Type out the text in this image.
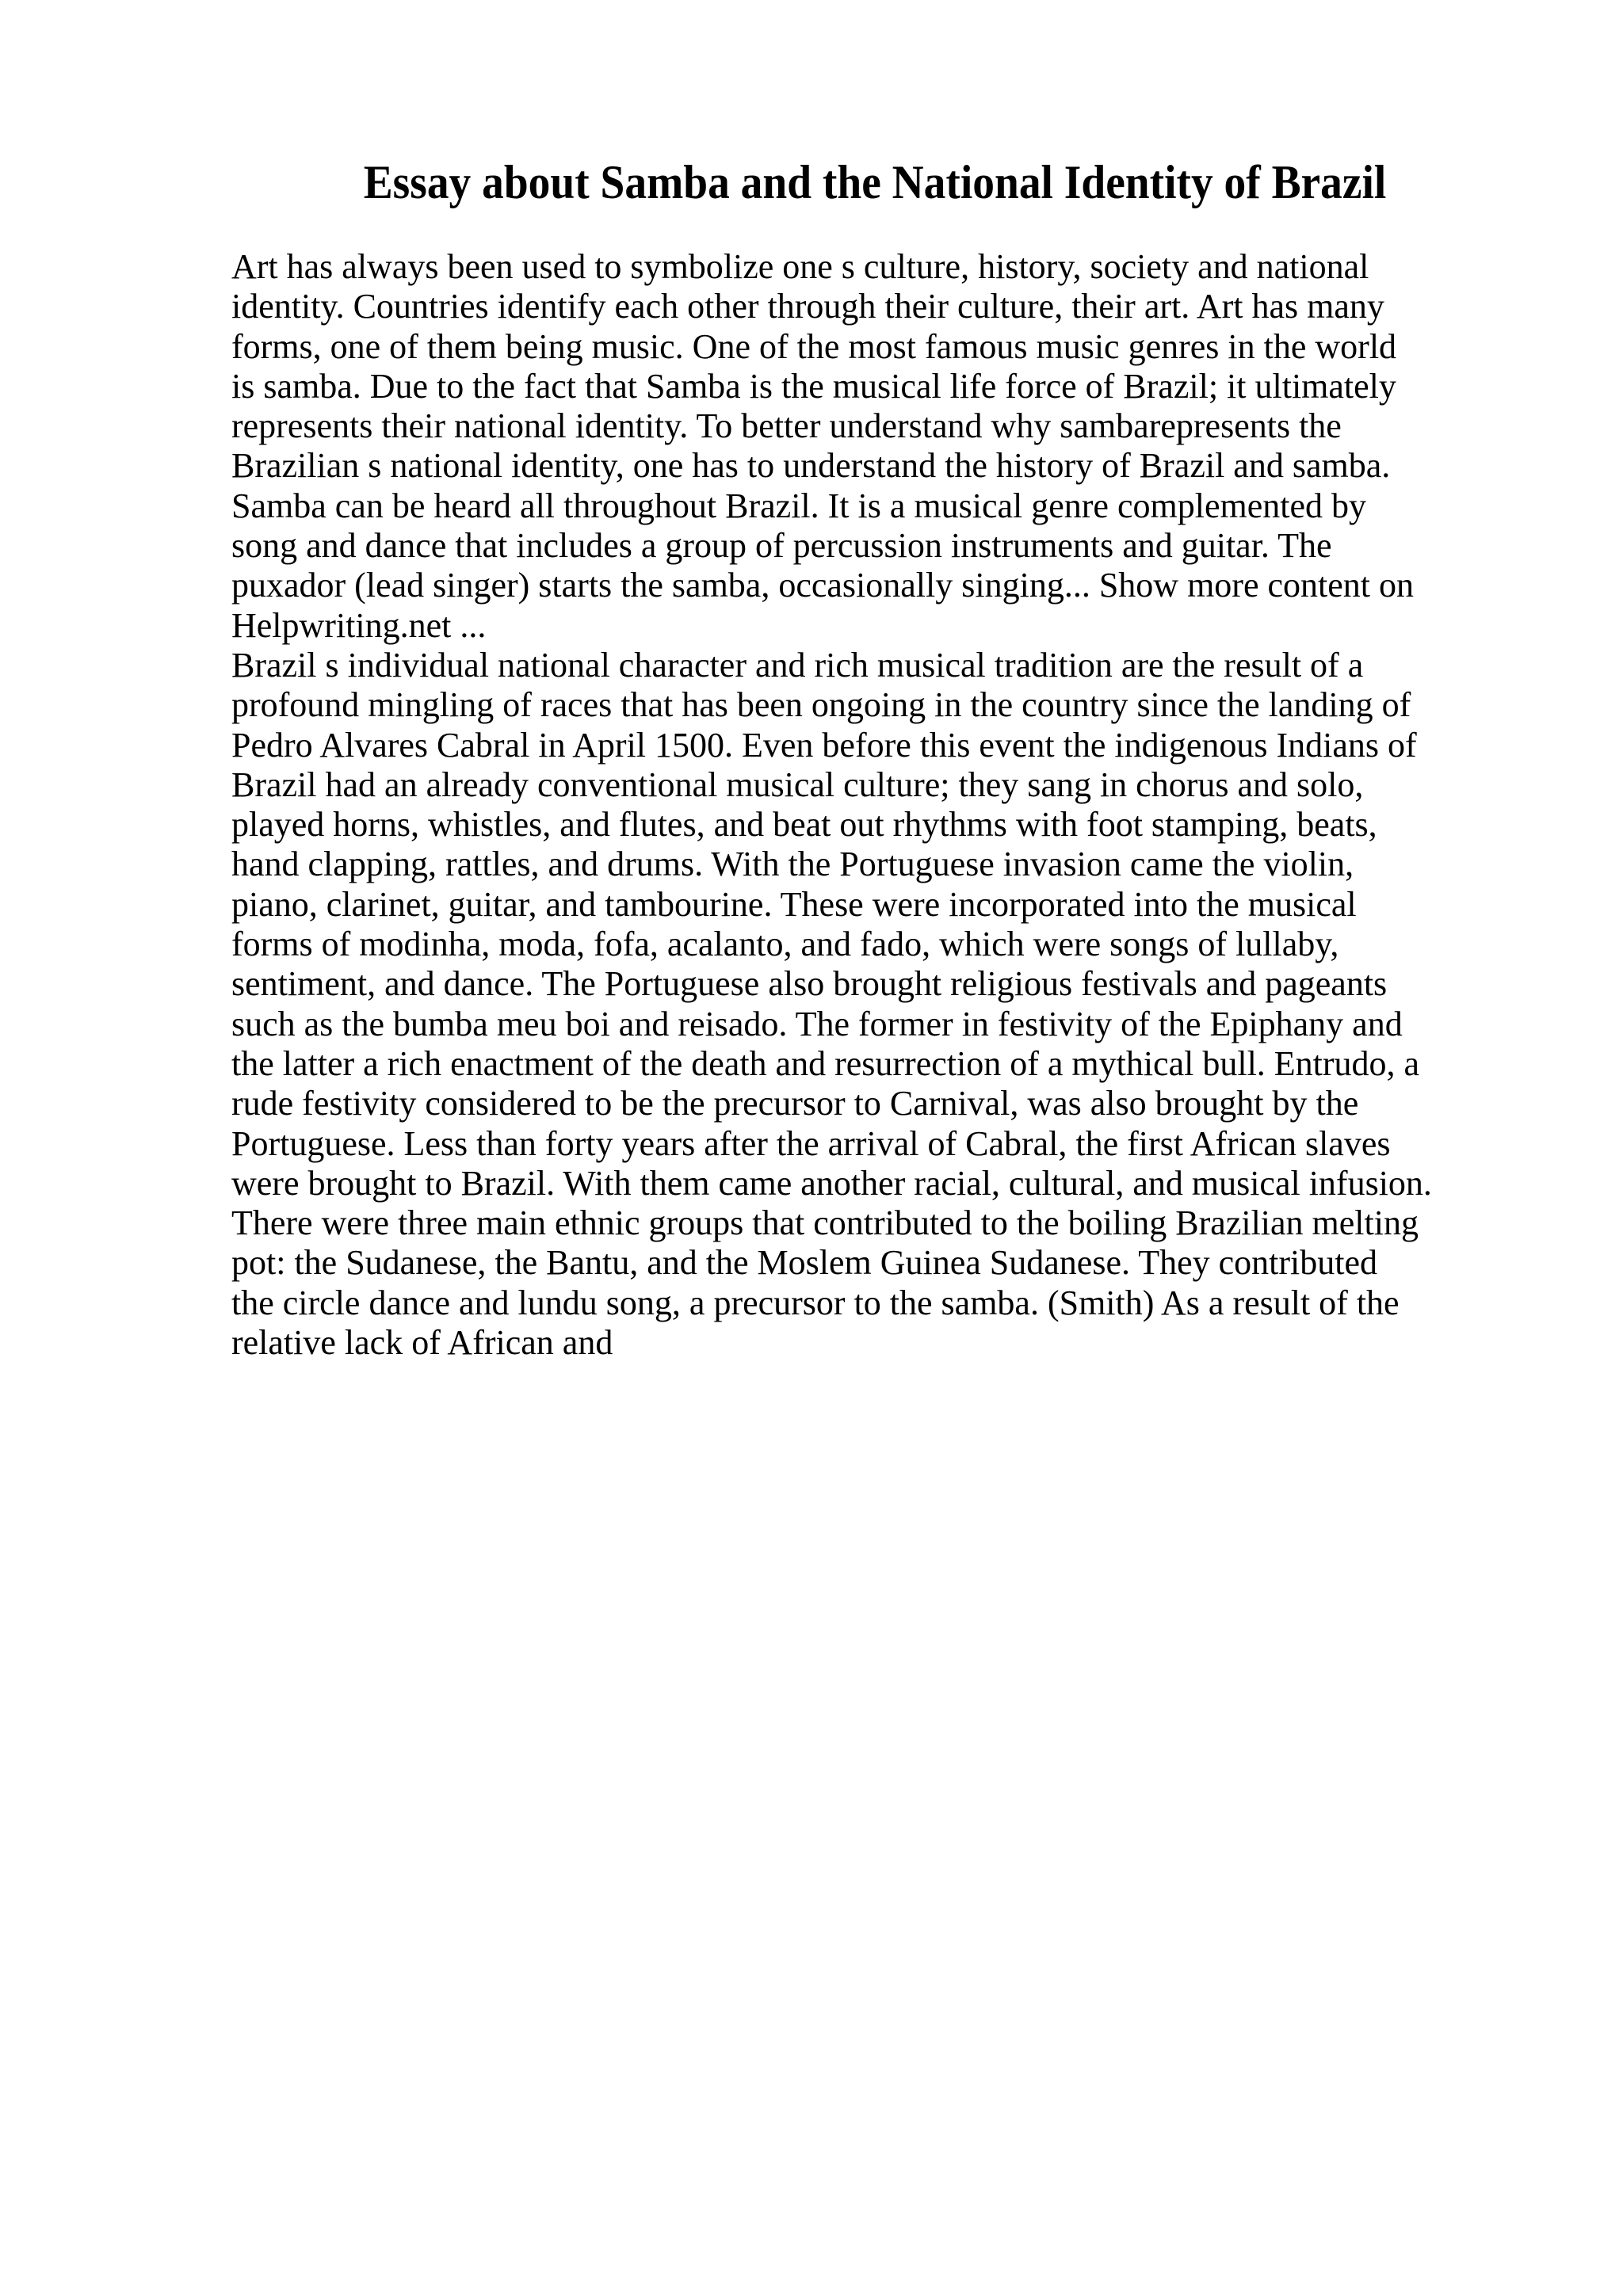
Essay about Samba and the National Identity of Brazil
Art has always been used to symbolize one s culture, history, society and national
identity. Countries identify each other through their culture, their art. Art has many
forms, one of them being music. One of the most famous music genres in the world
is samba. Due to the fact that Samba is the musical life force of Brazil; it ultimately
represents their national identity. To better understand why sambarepresents the
Brazilian s national identity, one has to understand the history of Brazil and samba.
Samba can be heard all throughout Brazil. It is a musical genre complemented by
song and dance that includes a group of percussion instruments and guitar. The
puxador (lead singer) starts the samba, occasionally singing... Show more content on
Helpwriting.net ...
Brazil s individual national character and rich musical tradition are the result of a
profound mingling of races that has been ongoing in the country since the landing of
Pedro Alvares Cabral in April 1500. Even before this event the indigenous Indians of
Brazil had an already conventional musical culture; they sang in chorus and solo,
played horns, whistles, and flutes, and beat out rhythms with foot stamping, beats,
hand clapping, rattles, and drums. With the Portuguese invasion came the violin,
piano, clarinet, guitar, and tambourine. These were incorporated into the musical
forms of modinha, moda, fofa, acalanto, and fado, which were songs of lullaby,
sentiment, and dance. The Portuguese also brought religious festivals and pageants
such as the bumba meu boi and reisado. The former in festivity of the Epiphany and
the latter a rich enactment of the death and resurrection of a mythical bull. Entrudo, a
rude festivity considered to be the precursor to Carnival, was also brought by the
Portuguese. Less than forty years after the arrival of Cabral, the first African slaves
were brought to Brazil. With them came another racial, cultural, and musical infusion.
There were three main ethnic groups that contributed to the boiling Brazilian melting
pot: the Sudanese, the Bantu, and the Moslem Guinea Sudanese. They contributed
the circle dance and lundu song, a precursor to the samba. (Smith) As a result of the
relative lack of African and
